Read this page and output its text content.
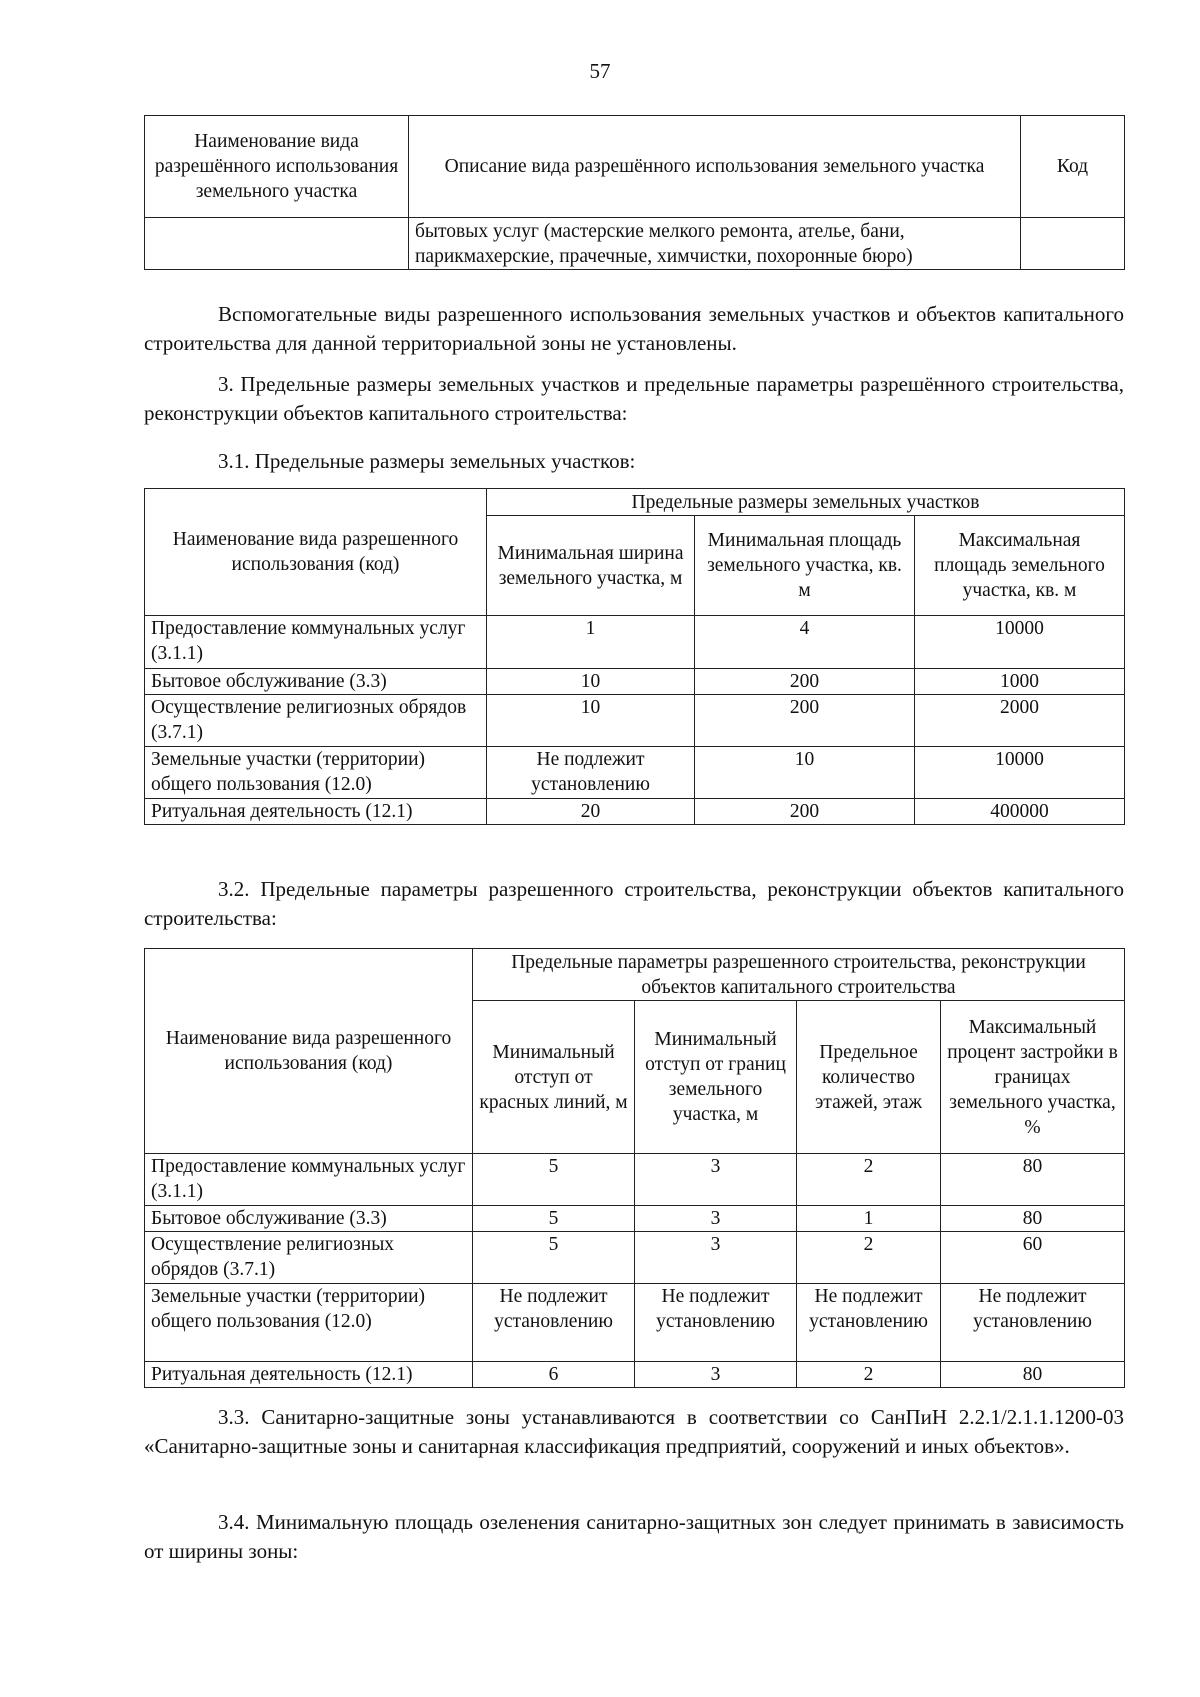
57
Наименование вида разрешённого использования земельного участка	Описание вида разрешённого использования земельного участка	Код
	бытовых услуг (мастерские мелкого ремонта, ателье, бани, парикмахерские, прачечные, химчистки, похоронные бюро)	
Вспомогательные виды разрешенного использования земельных участков и объектов капитального строительства для данной территориальной зоны не установлены.
3. Предельные размеры земельных участков и предельные параметры разрешённого строительства, реконструкции объектов капитального строительства:
3.1. Предельные размеры земельных участков:
Наименование вида разрешенного использования (код)	Предельные размеры земельных участков		
	Минимальная ширина земельного участка, м	Минимальная площадь земельного участка, кв. м	Максимальная площадь земельного участка, кв. м
Предоставление коммунальных услуг (3.1.1)	1	4	10000
Бытовое обслуживание (3.3)	10	200	1000
Осуществление религиозных обрядов (3.7.1)	10	200	2000
Земельные участки (территории) общего пользования (12.0)	Не подлежит установлению	10	10000
Ритуальная деятельность (12.1)	20	200	400000
3.2. Предельные параметры разрешенного строительства, реконструкции объектов капитального строительства:
Наименование вида разрешенного использования (код)	Предельные параметры разрешенного строительства, реконструкции объектов капитального строительства			
	Минимальный отступ от красных линий, м	Минимальный отступ от границ земельного участка, м	Предельное количество этажей, этаж	Максимальный процент застройки в границах земельного участка, %
Предоставление коммунальных услуг (3.1.1)	5	3	2	80
Бытовое обслуживание (3.3)	5	3	1	80
Осуществление религиозных обрядов (3.7.1)	5	3	2	60
Земельные участки (территории) общего пользования (12.0)	Не подлежит установлению	Не подлежит установлению	Не подлежит установлению	Не подлежит установлению
Ритуальная деятельность (12.1)	6	3	2	80
3.3. Санитарно-защитные зоны устанавливаются в соответствии со СанПиН 2.2.1/2.1.1.1200-03 «Санитарно-защитные зоны и санитарная классификация предприятий, сооружений и иных объектов».
3.4. Минимальную площадь озеленения санитарно-защитных зон следует принимать в зависимость от ширины зоны:
